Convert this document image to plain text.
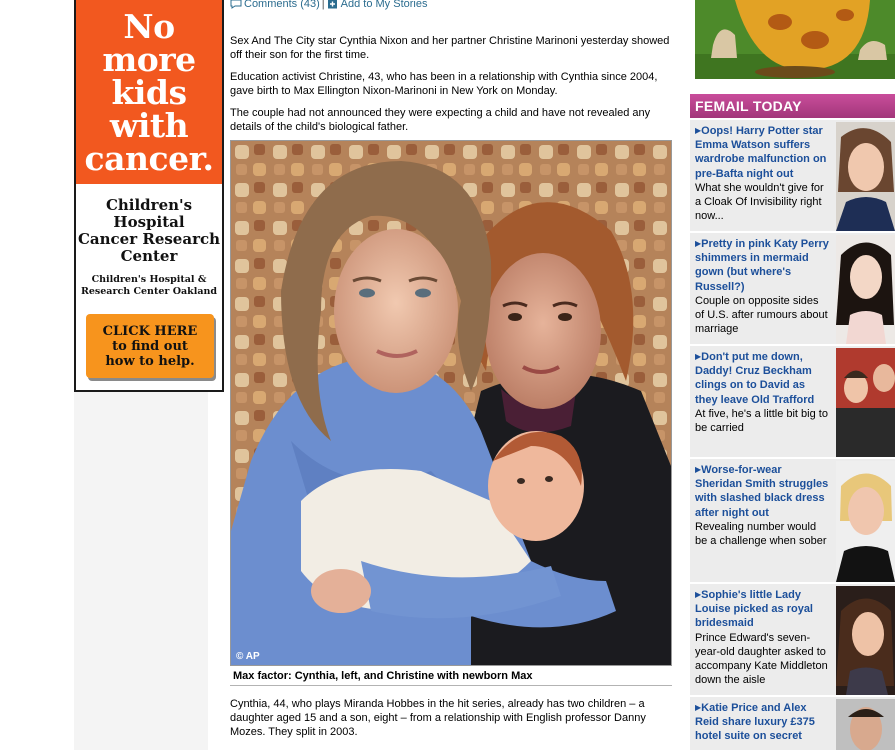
No
more
kids
with
cancer.
Children's
Hospital
Cancer Research
Center
Children's Hospital &
Research Center Oakland
CLICK HERE
to find out
how to help.
Comments (43) | Add to My Stories

Sex And The City star Cynthia Nixon and her partner Christine Marinoni yesterday showed off their son for the first time.

Education activist Christine, 43, who has been in a relationship with Cynthia since 2004, gave birth to Max Ellington Nixon-Marinoni in New York on Monday.

The couple had not announced they were expecting a child and have not revealed any details of the child's biological father.

© AP
Max factor: Cynthia, left, and Christine with newborn Max

Cynthia, 44, who plays Miranda Hobbes in the hit series, already has two children – a daughter aged 15 and a son, eight – from a relationship with English professor Danny Mozes. They split in 2003.

FEMAIL TODAY
▶Oops! Harry Potter star Emma Watson suffers wardrobe malfunction on pre-Bafta night out
What she wouldn't give for a Cloak Of Invisibility right now...
▶Pretty in pink Katy Perry shimmers in mermaid gown (but where's Russell?)
Couple on opposite sides of U.S. after rumours about marriage
▶Don't put me down, Daddy! Cruz Beckham clings on to David as they leave Old Trafford
At five, he's a little bit big to be carried
▶Worse-for-wear Sheridan Smith struggles with slashed black dress after night out
Revealing number would be a challenge when sober
▶Sophie's little Lady Louise picked as royal bridesmaid
Prince Edward's seven-year-old daughter asked to accompany Kate Middleton down the aisle
▶Katie Price and Alex Reid share luxury £375 hotel suite on secret
